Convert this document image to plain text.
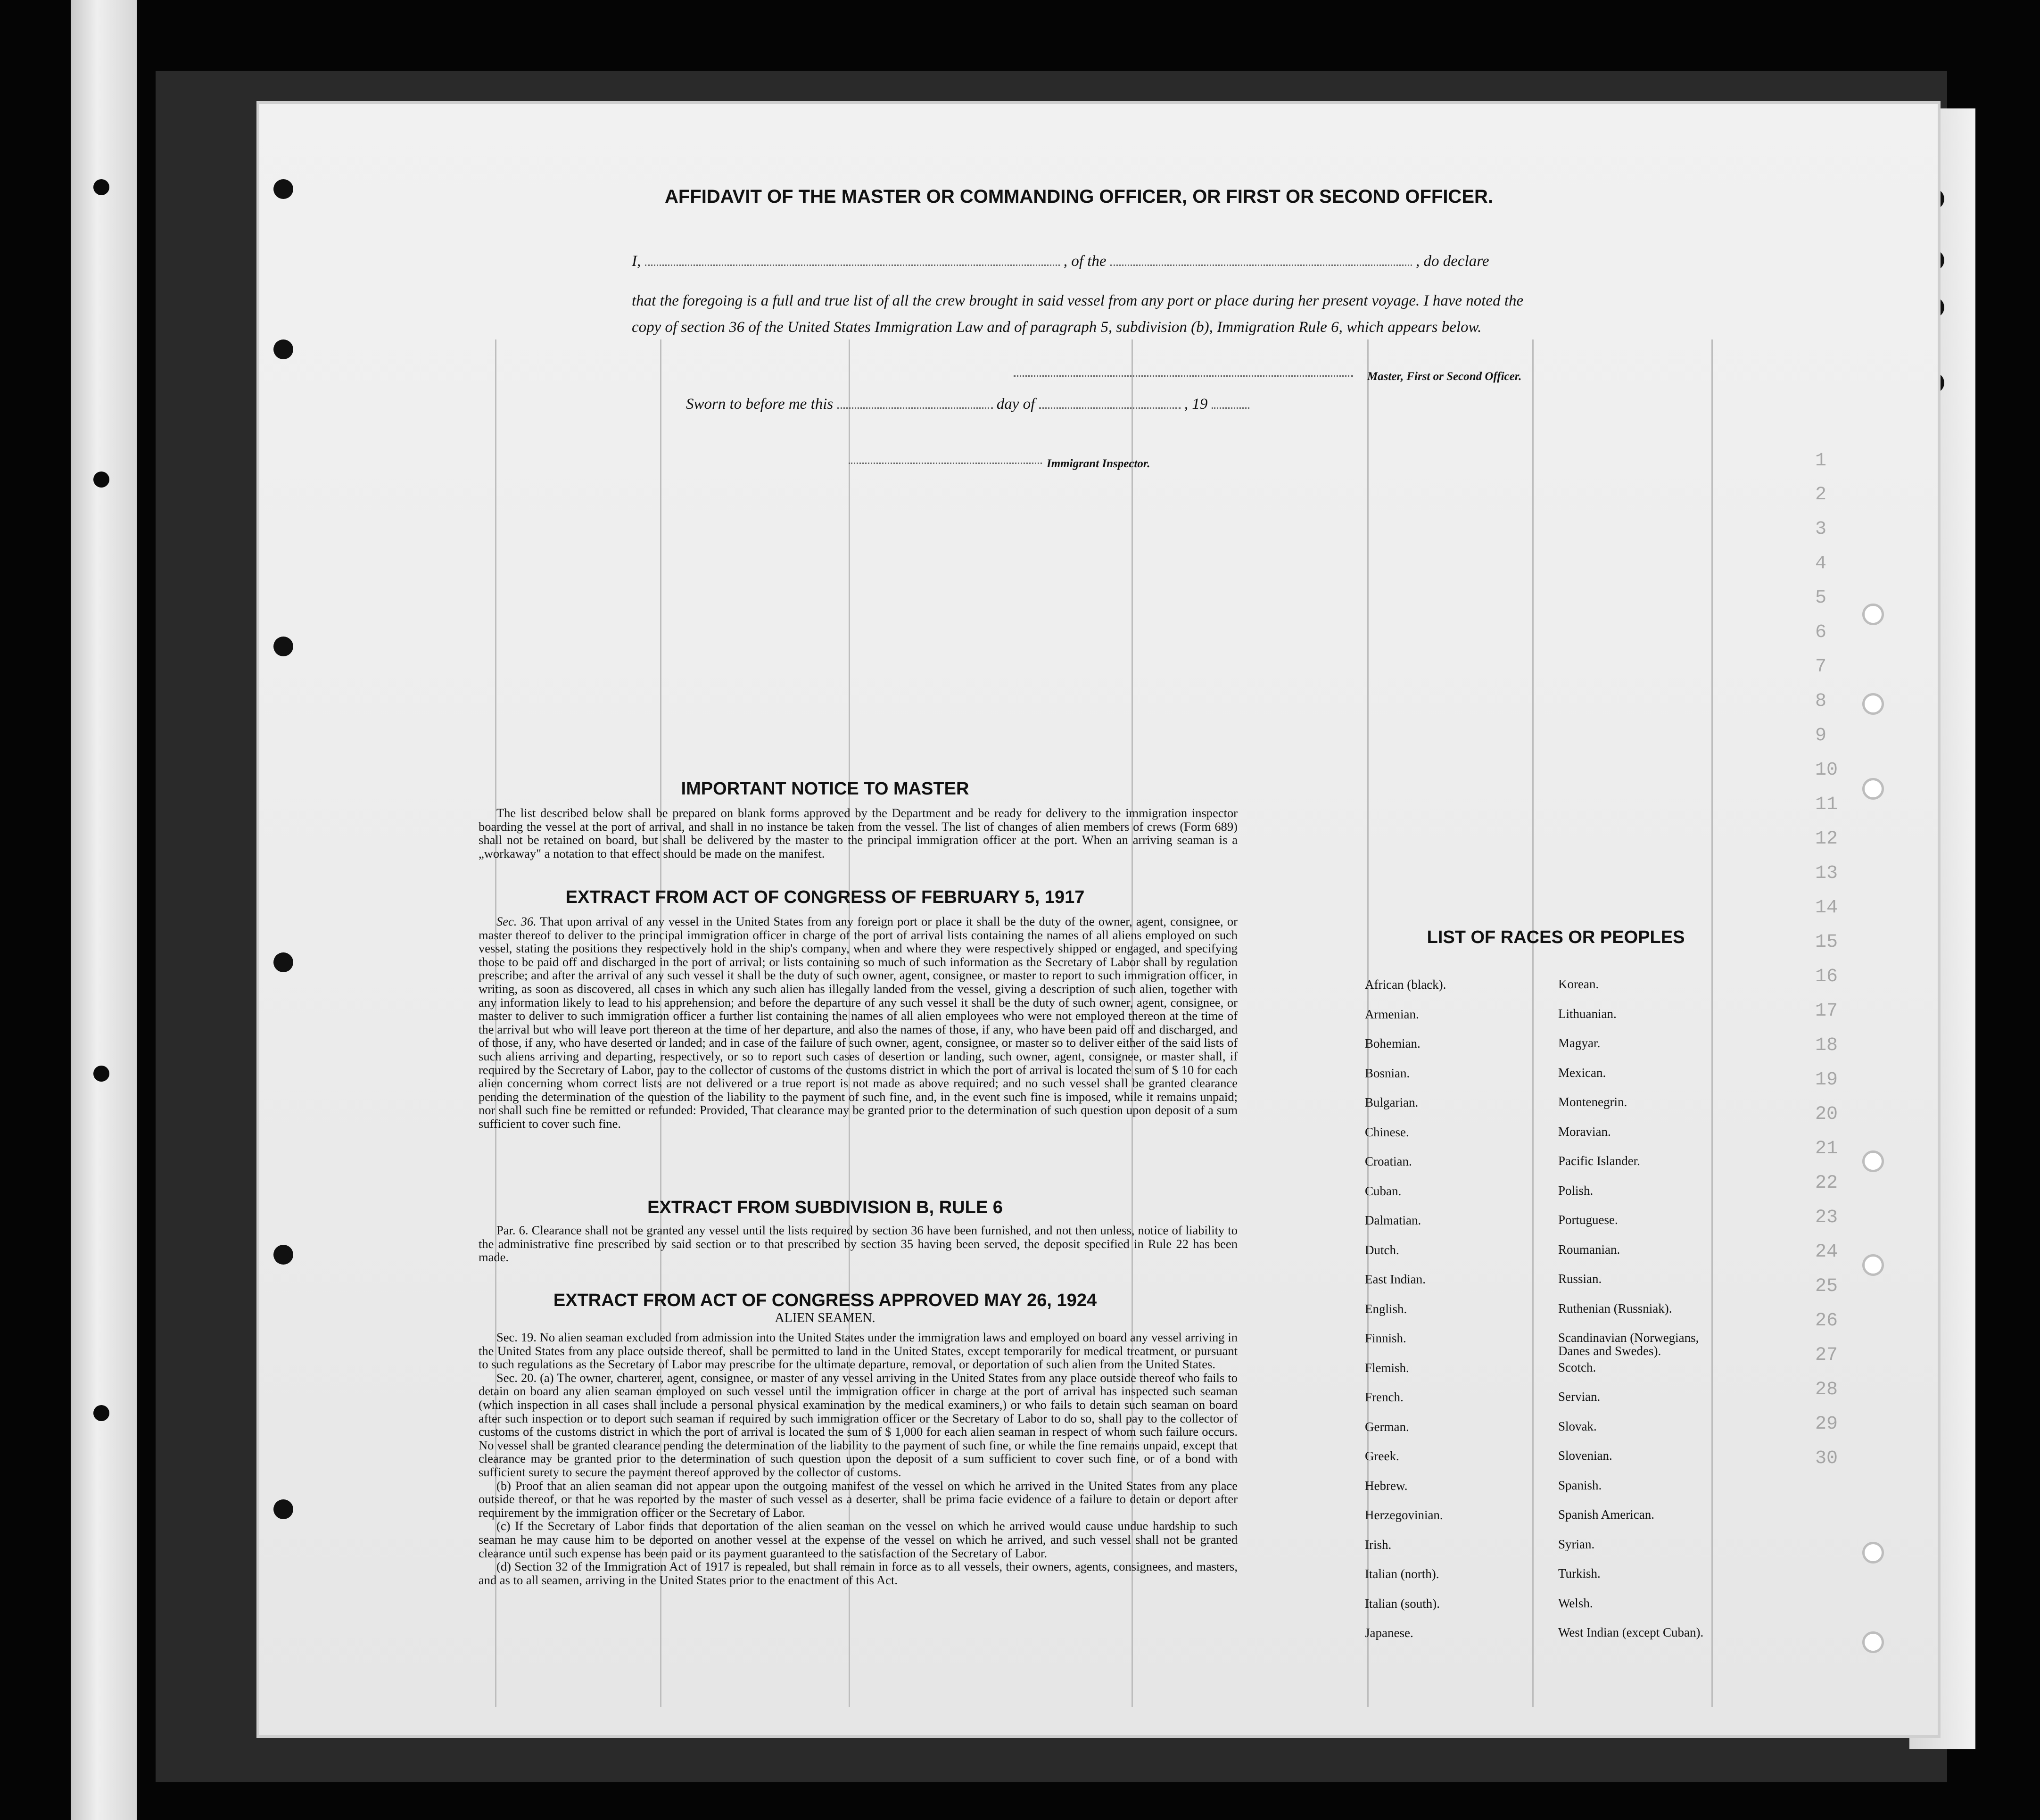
1
2
3
4
5
6
7
8
9
10
11
12
13
14
15
16
17
18
19
20
21
22
23
24
25
26
27
28
29
30

AFFIDAVIT OF THE MASTER OR COMMANDING OFFICER, OR FIRST OR SECOND OFFICER.
I,	, of the	, do declare
that the foregoing is a full and true list of all the crew brought in said vessel from any port or place during her present voyage. I have noted the copy of section 36 of the United States Immigration Law and of paragraph 5, subdivision (b), Immigration Rule 6, which appears below.
Master, First or Second Officer.
Sworn to before me this	day of	, 19
Immigrant Inspector.
IMPORTANT NOTICE TO MASTER

The list described below shall be prepared on blank forms approved by the Department and be ready for delivery to the immigration inspector boarding the vessel at the port of arrival, and shall in no instance be taken from the vessel. The list of changes of alien members of crews (Form 689) shall not be retained on board, but shall be delivered by the master to the principal immigration officer at the port. When an arriving seaman is a „workaway" a notation to that effect should be made on the manifest.

EXTRACT FROM ACT OF CONGRESS OF FEBRUARY 5, 1917

Sec. 36. That upon arrival of any vessel in the United States from any foreign port or place it shall be the duty of the owner, agent, consignee, or master thereof to deliver to the principal immigration officer in charge of the port of arrival lists containing the names of all aliens employed on such vessel, stating the positions they respectively hold in the ship's company, when and where they were respectively shipped or engaged, and specifying those to be paid off and discharged in the port of arrival; or lists containing so much of such information as the Secretary of Labor shall by regulation prescribe; and after the arrival of any such vessel it shall be the duty of such owner, agent, consignee, or master to report to such immigration officer, in writing, as soon as discovered, all cases in which any such alien has illegally landed from the vessel, giving a description of such alien, together with any information likely to lead to his apprehension; and before the departure of any such vessel it shall be the duty of such owner, agent, consignee, or master to deliver to such immigration officer a further list containing the names of all alien employees who were not employed thereon at the time of the arrival but who will leave port thereon at the time of her departure, and also the names of those, if any, who have been paid off and discharged, and of those, if any, who have deserted or landed; and in case of the failure of such owner, agent, consignee, or master so to deliver either of the said lists of such aliens arriving and departing, respectively, or so to report such cases of desertion or landing, such owner, agent, consignee, or master shall, if required by the Secretary of Labor, pay to the collector of customs of the customs district in which the port of arrival is located the sum of $ 10 for each alien concerning whom correct lists are not delivered or a true report is not made as above required; and no such vessel shall be granted clearance pending the determination of the question of the liability to the payment of such fine, and, in the event such fine is imposed, while it remains unpaid; nor shall such fine be remitted or refunded: Provided, That clearance may be granted prior to the determination of such question upon deposit of a sum sufficient to cover such fine.

EXTRACT FROM SUBDIVISION B, RULE 6

Par. 6. Clearance shall not be granted any vessel until the lists required by section 36 have been furnished, and not then unless, notice of liability to the administrative fine prescribed by said section or to that prescribed by section 35 having been served, the deposit specified in Rule 22 has been made.

EXTRACT FROM ACT OF CONGRESS APPROVED MAY 26, 1924
ALIEN SEAMEN.

Sec. 19. No alien seaman excluded from admission into the United States under the immigration laws and employed on board any vessel arriving in the United States from any place outside thereof, shall be permitted to land in the United States, except temporarily for medical treatment, or pursuant to such regulations as the Secretary of Labor may prescribe for the ultimate departure, removal, or deportation of such alien from the United States.

Sec. 20. (a) The owner, charterer, agent, consignee, or master of any vessel arriving in the United States from any place outside thereof who fails to detain on board any alien seaman employed on such vessel until the immigration officer in charge at the port of arrival has inspected such seaman (which inspection in all cases shall include a personal physical examination by the medical examiners,) or who fails to detain such seaman on board after such inspection or to deport such seaman if required by such immigration officer or the Secretary of Labor to do so, shall pay to the collector of customs of the customs district in which the port of arrival is located the sum of $ 1,000 for each alien seaman in respect of whom such failure occurs. No vessel shall be granted clearance pending the determination of the liability to the payment of such fine, or while the fine remains unpaid, except that clearance may be granted prior to the determination of such question upon the deposit of a sum sufficient to cover such fine, or of a bond with sufficient surety to secure the payment thereof approved by the collector of customs.

(b) Proof that an alien seaman did not appear upon the outgoing manifest of the vessel on which he arrived in the United States from any place outside thereof, or that he was reported by the master of such vessel as a deserter, shall be prima facie evidence of a failure to detain or deport after requirement by the immigration officer or the Secretary of Labor.

(c) If the Secretary of Labor finds that deportation of the alien seaman on the vessel on which he arrived would cause undue hardship to such seaman he may cause him to be deported on another vessel at the expense of the vessel on which he arrived, and such vessel shall not be granted clearance until such expense has been paid or its payment guaranteed to the satisfaction of the Secretary of Labor.

(d) Section 32 of the Immigration Act of 1917 is repealed, but shall remain in force as to all vessels, their owners, agents, consignees, and masters, and as to all seamen, arriving in the United States prior to the enactment of this Act.

LIST OF RACES OR PEOPLES
African (black).	Korean.
Armenian.	Lithuanian.
Bohemian.	Magyar.
Bosnian.	Mexican.
Bulgarian.	Montenegrin.
Chinese.	Moravian.
Croatian.	Pacific Islander.
Cuban.	Polish.
Dalmatian.	Portuguese.
Dutch.	Roumanian.
East Indian.	Russian.
English.	Ruthenian (Russniak).
Finnish.	Scandinavian (Norwegians,
Danes and Swedes).
Flemish.	Scotch.
French.	Servian.
German.	Slovak.
Greek.	Slovenian.
Hebrew.	Spanish.
Herzegovinian.	Spanish American.
Irish.	Syrian.
Italian (north).	Turkish.
Italian (south).	Welsh.
Japanese.	West Indian (except Cuban).
